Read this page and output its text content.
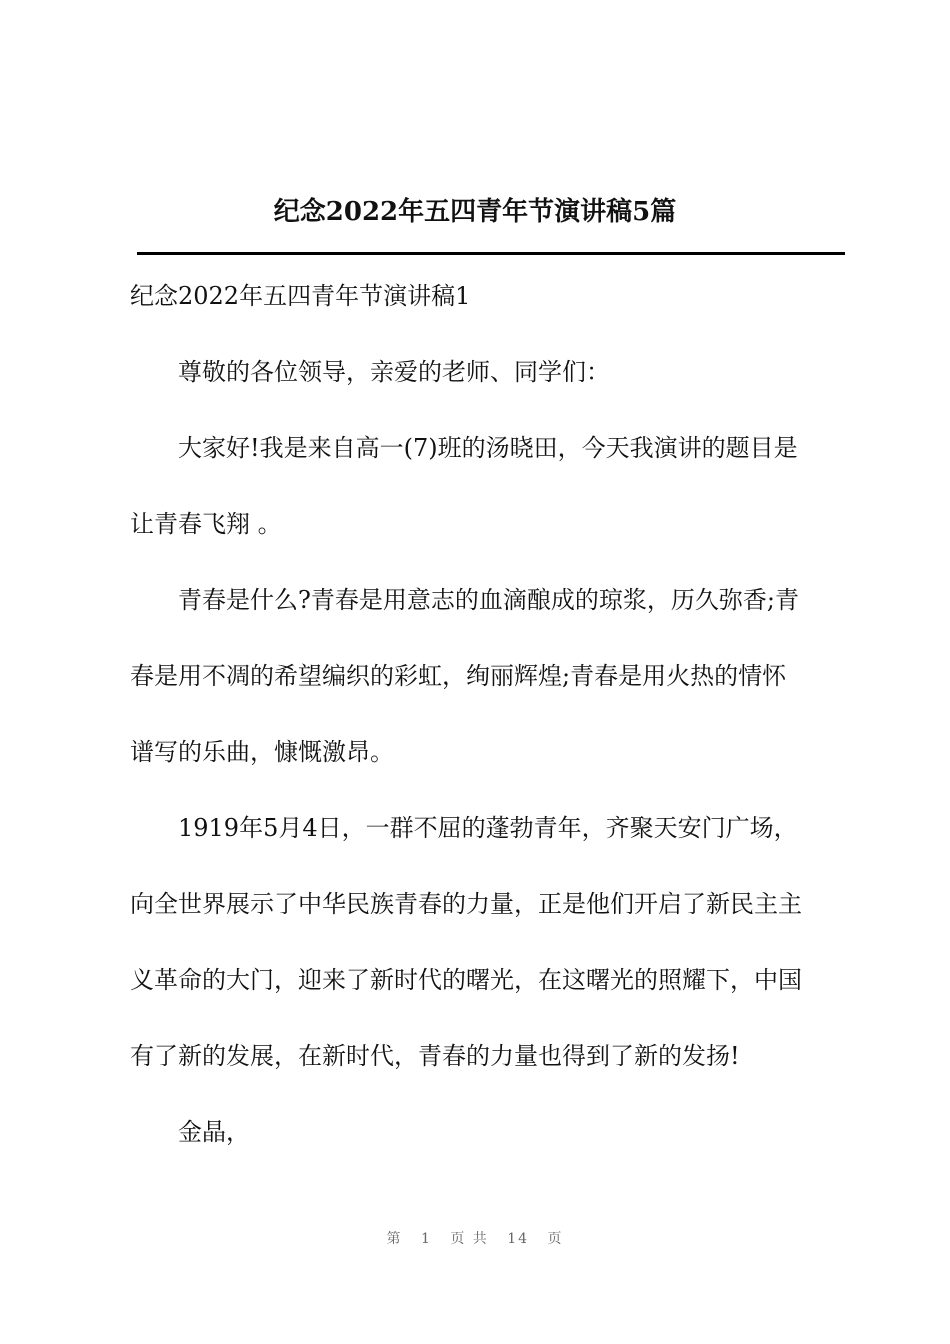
纪念2022年五四青年节演讲稿5篇
纪念2022年五四青年节演讲稿1
尊敬的各位领导，亲爱的老师、同学们：
大家好!我是来自高一(7)班的汤晓田，今天我演讲的题目是
让青春飞翔 。
青春是什么?青春是用意志的血滴酿成的琼浆，历久弥香;青
春是用不凋的希望编织的彩虹，绚丽辉煌;青春是用火热的情怀
谱写的乐曲，慷慨激昂。
1919年5月4日，一群不屈的蓬勃青年，齐聚天安门广场，
向全世界展示了中华民族青春的力量，正是他们开启了新民主主
义革命的大门，迎来了新时代的曙光，在这曙光的照耀下，中国
有了新的发展，在新时代，青春的力量也得到了新的发扬!
金晶，
第 1 页 共 14 页
